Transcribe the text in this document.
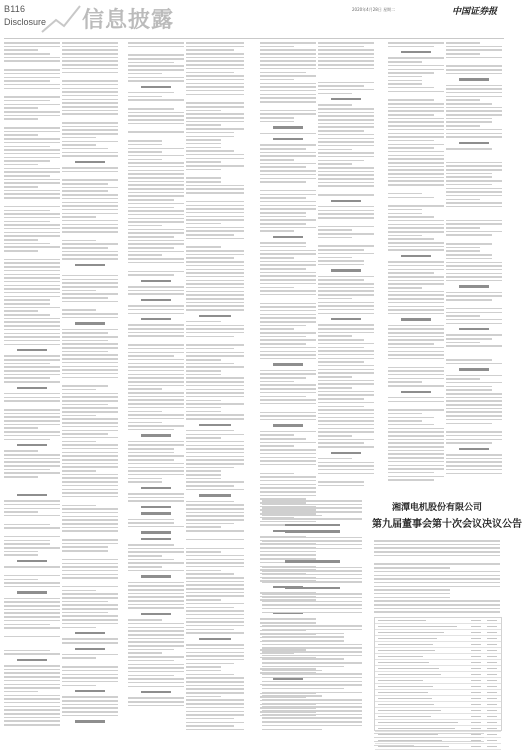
B116
Disclosure 信息披露	2020年4月28日 星期二	中国证券报
湘潭电机股份有限公司
第九届董事会第十次会议决议公告
